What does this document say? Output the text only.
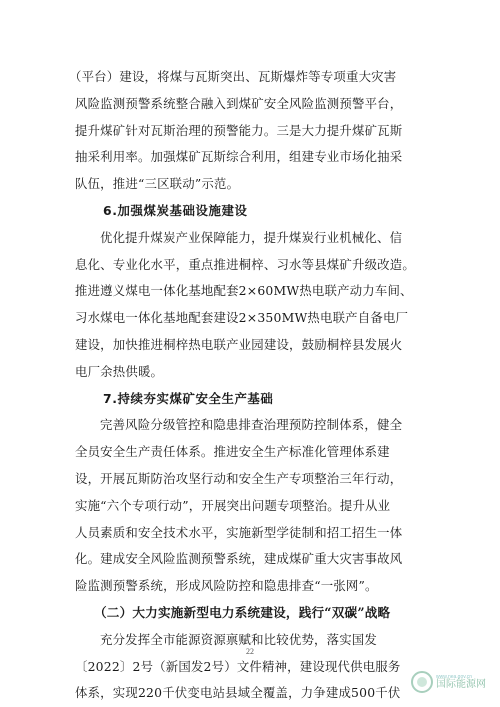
（平台）建设，将煤与瓦斯突出、瓦斯爆炸等专项重大灾害
风险监测预警系统整合融入到煤矿安全风险监测预警平台，
提升煤矿针对瓦斯治理的预警能力。三是大力提升煤矿瓦斯
抽采利用率。加强煤矿瓦斯综合利用，组建专业市场化抽采
队伍，推进“三区联动”示范。
6.加强煤炭基础设施建设
优化提升煤炭产业保障能力，提升煤炭行业机械化、信
息化、专业化水平，重点推进桐梓、习水等县煤矿升级改造。
推进遵义煤电一体化基地配套2×60MW热电联产动力车间、
习水煤电一体化基地配套建设2×350MW热电联产自备电厂
建设，加快推进桐梓热电联产业园建设，鼓励桐梓县发展火
电厂余热供暖。
7.持续夯实煤矿安全生产基础
完善风险分级管控和隐患排查治理预防控制体系，健全
全员安全生产责任体系。推进安全生产标准化管理体系建
设，开展瓦斯防治攻坚行动和安全生产专项整治三年行动，
实施“六个专项行动”，开展突出问题专项整治。提升从业
人员素质和安全技术水平，实施新型学徒制和招工招生一体
化。建成安全风险监测预警系统，建成煤矿重大灾害事故风
险监测预警系统，形成风险防控和隐患排查“一张网”。
（二）大力实施新型电力系统建设，践行“双碳”战略
充分发挥全市能源资源禀赋和比较优势，落实国发
〔2022〕2号（新国发2号）文件精神，建设现代供电服务
体系，实现220千伏变电站县域全覆盖，力争建成500千伏
22
www.nea.gov.cn
国际能源网
